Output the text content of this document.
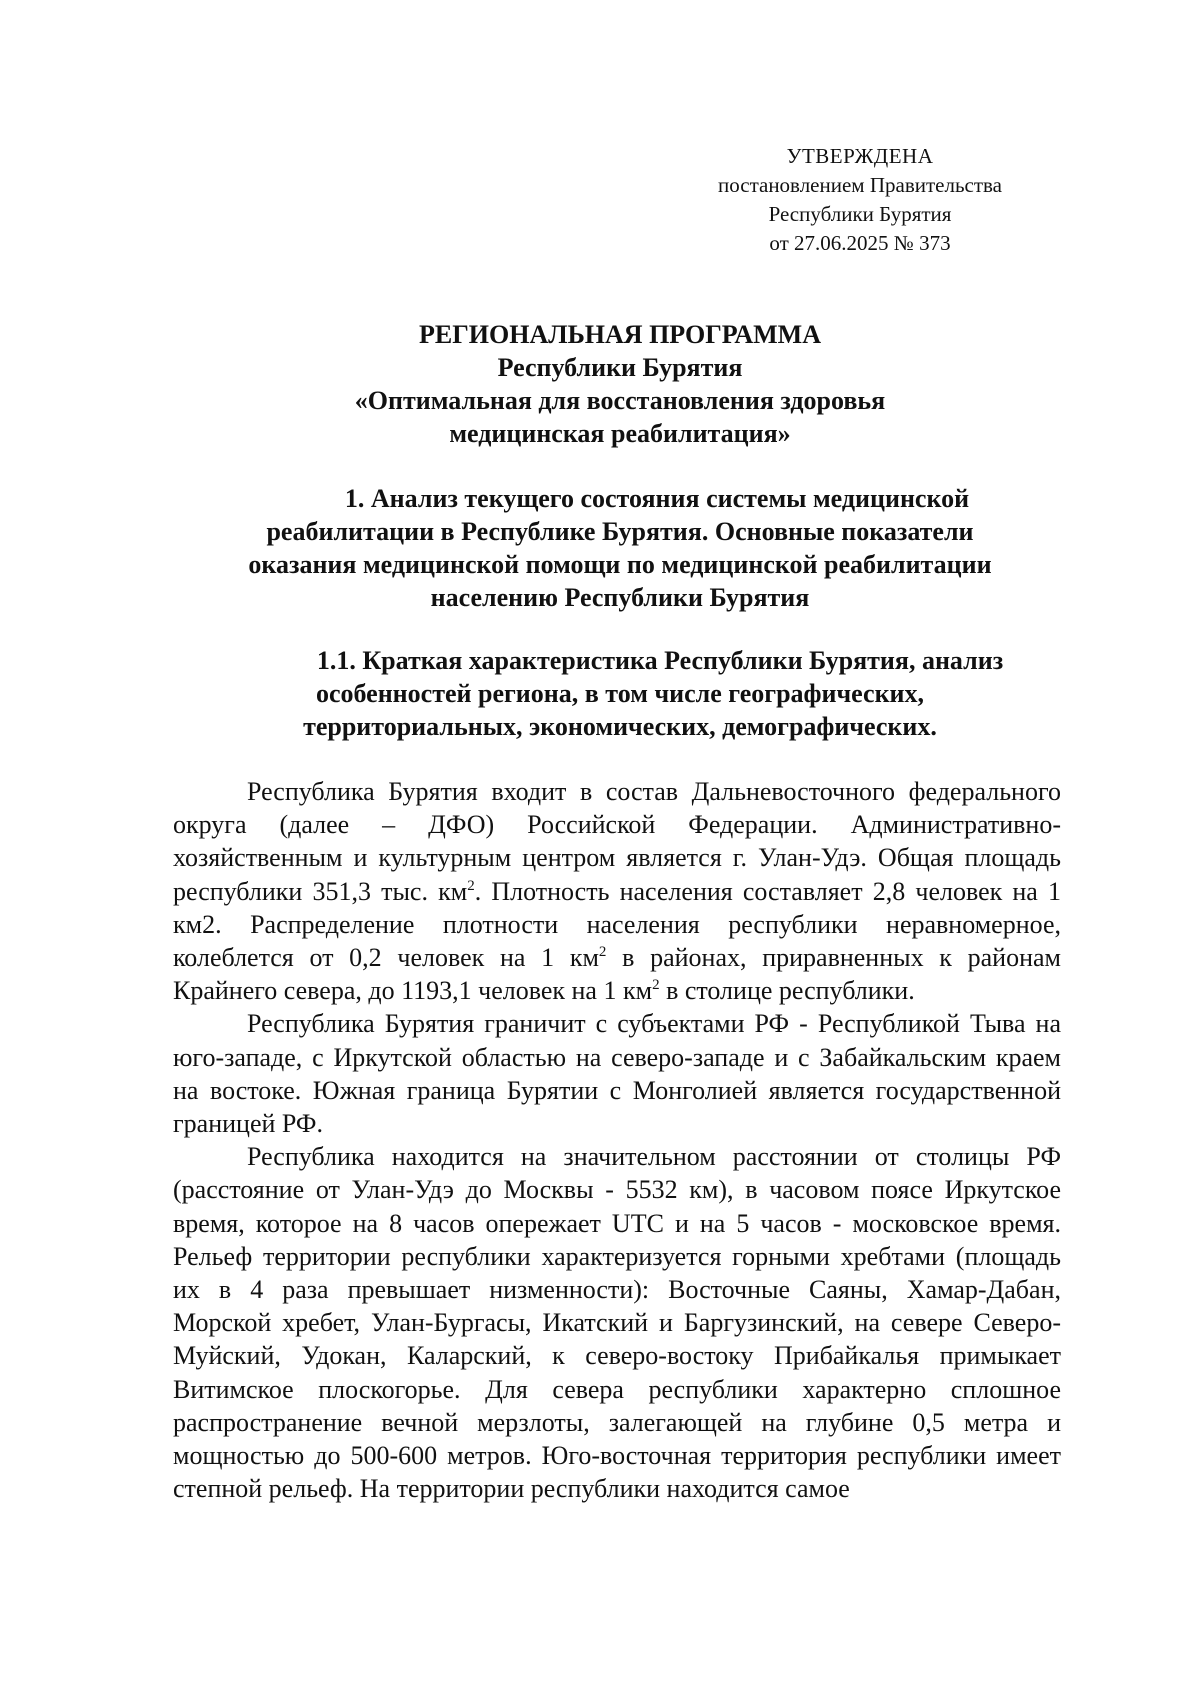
УТВЕРЖДЕНА
постановлением Правительства
Республики Бурятия
от 27.06.2025 № 373
РЕГИОНАЛЬНАЯ ПРОГРАММА
Республики Бурятия
«Оптимальная для восстановления здоровья
медицинская реабилитация»
1. Анализ текущего состояния системы медицинской
реабилитации в Республике Бурятия. Основные показатели
оказания медицинской помощи по медицинской реабилитации
населению Республики Бурятия
1.1. Краткая характеристика Республики Бурятия, анализ
особенностей региона, в том числе географических,
территориальных, экономических, демографических.

Республика Бурятия входит в состав Дальневосточного федерального округа (далее – ДФО) Российской Федерации. Административно-хозяйственным и культурным центром является г. Улан-Удэ. Общая площадь республики 351,3 тыс. $км^2$. Плотность населения составляет 2,8 человек на 1 км2. Распределение плотности населения республики неравномерное, колеблется от 0,2 человек на 1 $км^2$ в районах, приравненных к районам Крайнего севера, до 1193,1 человек на 1 $км^2$ в столице республики.

Республика Бурятия граничит с субъектами РФ - Республикой Тыва на юго-западе, с Иркутской областью на северо-западе и с Забайкальским краем на востоке. Южная граница Бурятии с Монголией является государственной границей РФ.

Республика находится на значительном расстоянии от столицы РФ (расстояние от Улан-Удэ до Москвы - 5532 км), в часовом поясе Иркутское время, которое на 8 часов опережает UTC и на 5 часов - московское время. Рельеф территории республики характеризуется горными хребтами (площадь их в 4 раза превышает низменности): Восточные Саяны, Хамар-Дабан, Морской хребет, Улан-Бургасы, Икатский и Баргузинский, на севере Северо-Муйский, Удокан, Каларский, к северо-востоку Прибайкалья примыкает Витимское плоскогорье. Для севера республики характерно сплошное распространение вечной мерзлоты, залегающей на глубине 0,5 метра и мощностью до 500-600 метров. Юго-восточная территория республики имеет степной рельеф. На территории республики находится самое
